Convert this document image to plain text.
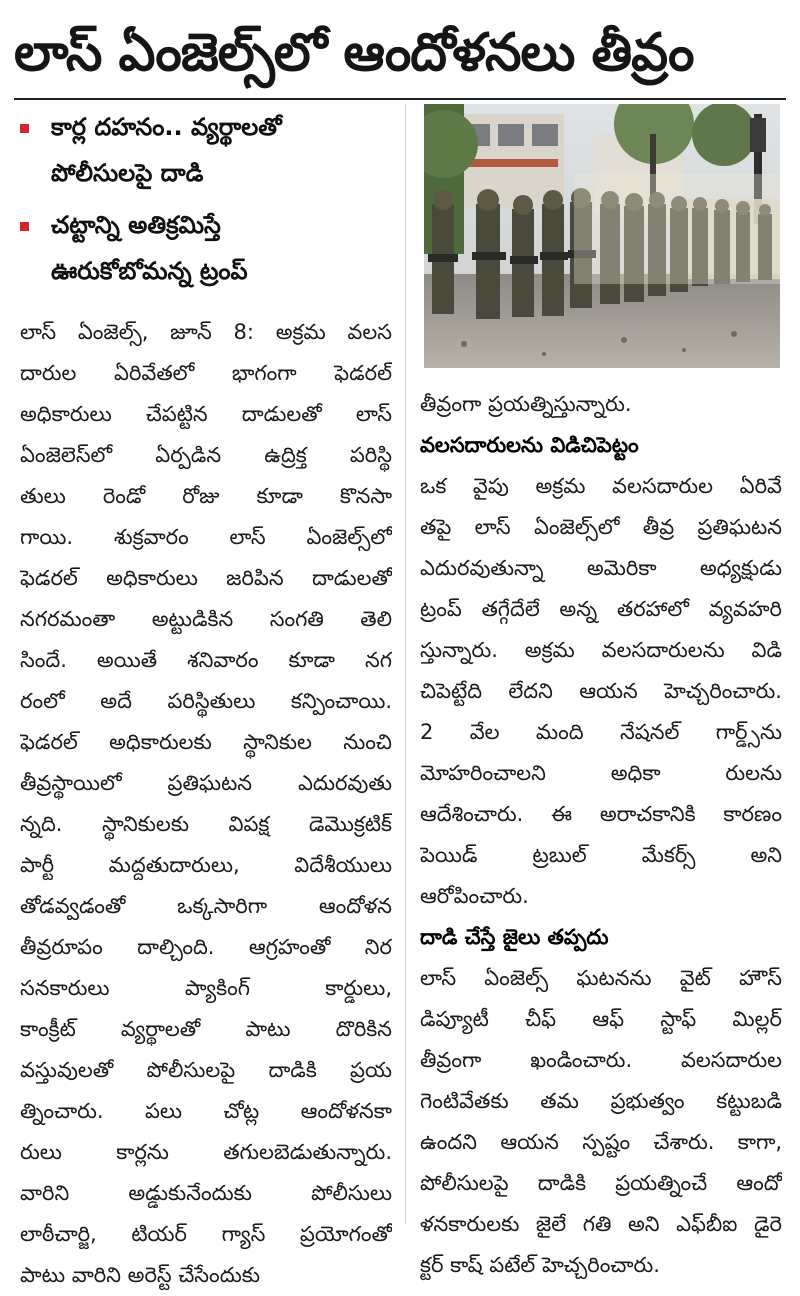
లాస్ ఏంజెల్స్‌లో ఆందోళనలు తీవ్రం
కార్ల దహనం.. వ్యర్థాలతో
పోలీసులపై దాడి
చట్టాన్ని అతిక్రమిస్తే
ఊరుకోబోమన్న ట్రంప్
లాస్ ఏంజెల్స్, జూన్ 8: అక్రమ వలస
దారుల ఏరివేతలో భాగంగా ఫెడరల్
అధికారులు చేపట్టిన దాడులతో లాస్
ఏంజెలెస్‌లో ఏర్పడిన ఉద్రిక్త పరిస్థి
తులు రెండో రోజు కూడా కొనసా
గాయి. శుక్రవారం లాస్ ఏంజెల్స్‌లో
ఫెడరల్ అధికారులు జరిపిన దాడులతో
నగరమంతా అట్టుడికిన సంగతి తెలి
సిందే. అయితే శనివారం కూడా నగ
రంలో అదే పరిస్థితులు కన్పించాయి.
ఫెడరల్ అధికారులకు స్థానికుల నుంచి
తీవ్రస్థాయిలో ప్రతిఘటన ఎదురవుతు
న్నది. స్థానికులకు విపక్ష డెమొక్రటిక్
పార్టీ మద్దతుదారులు, విదేశీయులు
తోడవ్వడంతో ఒక్కసారిగా ఆందోళన
తీవ్రరూపం దాల్చింది. ఆగ్రహంతో నిర
సనకారులు ప్యాకింగ్ కార్డులు,
కాంక్రీట్ వ్యర్థాలతో పాటు దొరికిన
వస్తువులతో పోలీసులపై దాడికి ప్రయ
త్నించారు. పలు చోట్ల ఆందోళనకా
రులు కార్లను తగులబెడుతున్నారు.
వారిని అడ్డుకునేందుకు పోలీసులు
లాఠీచార్జి, టియర్ గ్యాస్ ప్రయోగంతో
పాటు వారిని అరెస్ట్ చేసేందుకు
తీవ్రంగా ప్రయత్నిస్తున్నారు.
వలసదారులను విడిచిపెట్టం
ఒక వైపు అక్రమ వలసదారుల ఏరివే
తపై లాస్ ఏంజెల్స్‌లో తీవ్ర ప్రతిఘటన
ఎదురవుతున్నా అమెరికా అధ్యక్షుడు
ట్రంప్ తగ్గేదేలే అన్న తరహాలో వ్యవహరి
స్తున్నారు. అక్రమ వలసదారులను విడి
చిపెట్టేది లేదని ఆయన హెచ్చరించారు.
2 వేల మంది నేషనల్ గార్డ్స్‌ను
మోహరించాలని అధికా రులను
ఆదేశించారు. ఈ అరాచకానికి కారణం
పెయిడ్ ట్రబుల్ మేకర్స్ అని
ఆరోపించారు.
దాడి చేస్తే జైలు తప్పదు
లాస్ ఏంజెల్స్ ఘటనను వైట్ హౌస్
డిప్యూటీ చీఫ్ ఆఫ్ స్టాఫ్ మిల్లర్
తీవ్రంగా ఖండించారు. వలసదారుల
గెంటివేతకు తమ ప్రభుత్వం కట్టుబడి
ఉందని ఆయన స్పష్టం చేశారు. కాగా,
పోలీసులపై దాడికి ప్రయత్నించే ఆందో
ళనకారులకు జైలే గతి అని ఎఫ్‌బీఐ డైరె
క్టర్ కాష్ పటేల్ హెచ్చరించారు.
